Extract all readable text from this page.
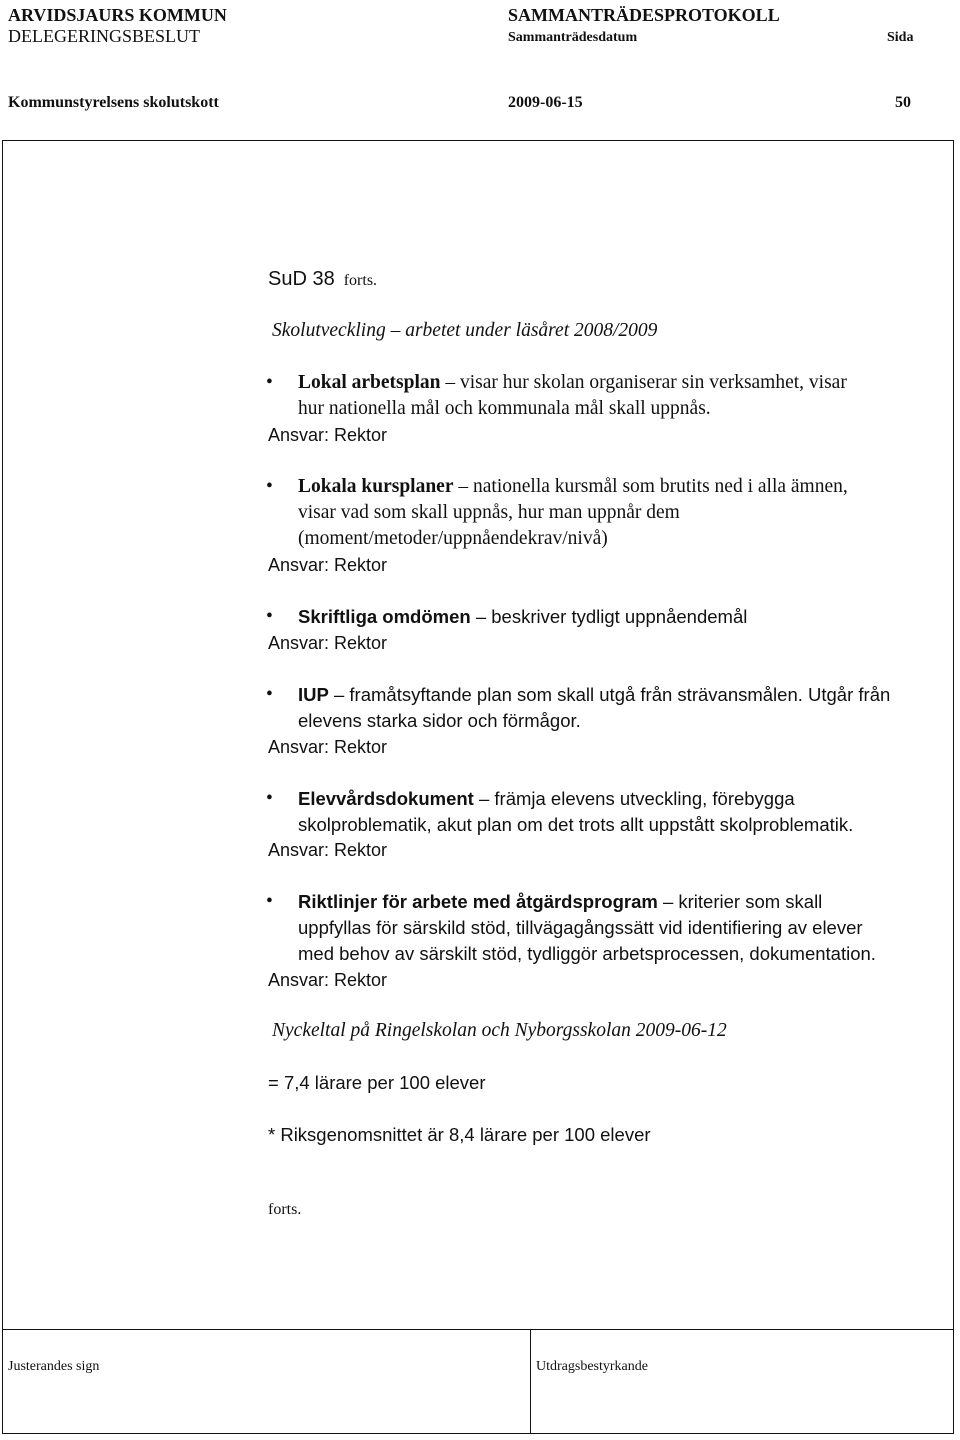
ARVIDSJAURS KOMMUN
DELEGERINGSBESLUT
SAMMANTRÄDESPROTOKOLL
Sammanträdesdatum	Sida
Kommunstyrelsens skolutskott	2009-06-15	50
SuD 38 forts.
Skolutveckling – arbetet under läsåret 2008/2009
• Lokal arbetsplan – visar hur skolan organiserar sin verksamhet, visar
hur nationella mål och kommunala mål skall uppnås.
Ansvar: Rektor
• Lokala kursplaner – nationella kursmål som brutits ned i alla ämnen,
visar vad som skall uppnås, hur man uppnår dem
(moment/metoder/uppnåendekrav/nivå)
Ansvar: Rektor
• Skriftliga omdömen – beskriver tydligt uppnåendemål
Ansvar: Rektor
• IUP – framåtsyftande plan som skall utgå från strävansmålen. Utgår från
elevens starka sidor och förmågor.
Ansvar: Rektor
• Elevvårdsdokument – främja elevens utveckling, förebygga
skolproblematik, akut plan om det trots allt uppstått skolproblematik.
Ansvar: Rektor
• Riktlinjer för arbete med åtgärdsprogram – kriterier som skall
uppfyllas för särskild stöd, tillvägagångssätt vid identifiering av elever
med behov av särskilt stöd, tydliggör arbetsprocessen, dokumentation.
Ansvar: Rektor
Nyckeltal på Ringelskolan och Nyborgsskolan 2009-06-12
= 7,4 lärare per 100 elever
* Riksgenomsnittet är 8,4 lärare per 100 elever
forts.
Justerandes sign	Utdragsbestyrkande
